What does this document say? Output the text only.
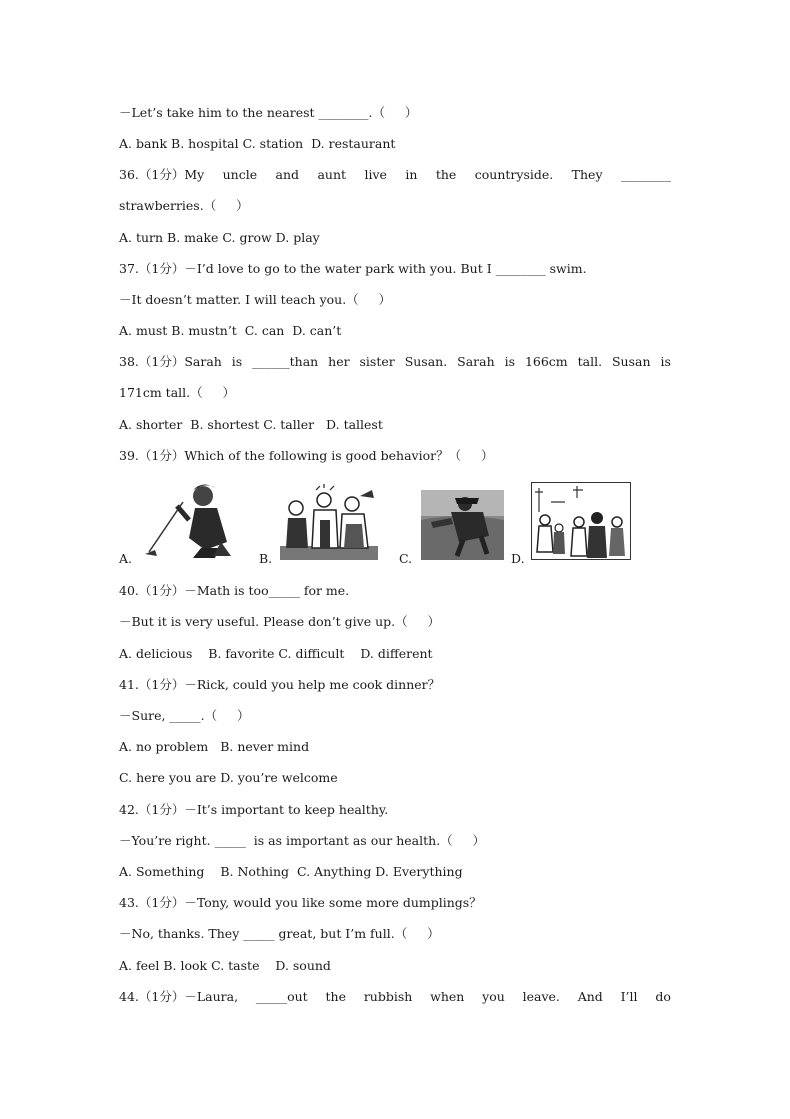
－Let’s take him to the nearest ________.（     ）
A. bank B. hospital C. station  D. restaurant
36.（1分）My uncle and aunt live in the countryside. They ________
strawberries.（     ）
A. turn B. make C. grow D. play
37.（1分）－I’d love to go to the water park with you. But I ________ swim.
－It doesn’t matter. I will teach you.（     ）
A. must B. mustn’t  C. can  D. can’t
38.（1分）Sarah is ______than her sister Susan. Sarah is 166cm tall. Susan is
171cm tall.（     ）
A. shorter  B. shortest C. taller   D. tallest
39.（1分）Which of the following is good behavior？（     ）
A.	B.	C.	D.
40.（1分）－Math is too_____ for me.
－But it is very useful. Please don’t give up.（     ）
A. delicious    B. favorite C. difficult    D. different
41.（1分）－Rick, could you help me cook dinner？
－Sure, _____.（     ）
A. no problem   B. never mind
C. here you are D. you’re welcome
42.（1分）－It’s important to keep healthy.
－You’re right. _____  is as important as our health.（     ）
A. Something    B. Nothing  C. Anything D. Everything
43.（1分）－Tony, would you like some more dumplings？
－No, thanks. They _____ great, but I’m full.（     ）
A. feel B. look C. taste    D. sound
44.（1分）－Laura, _____out the rubbish when you leave. And I’ll do
